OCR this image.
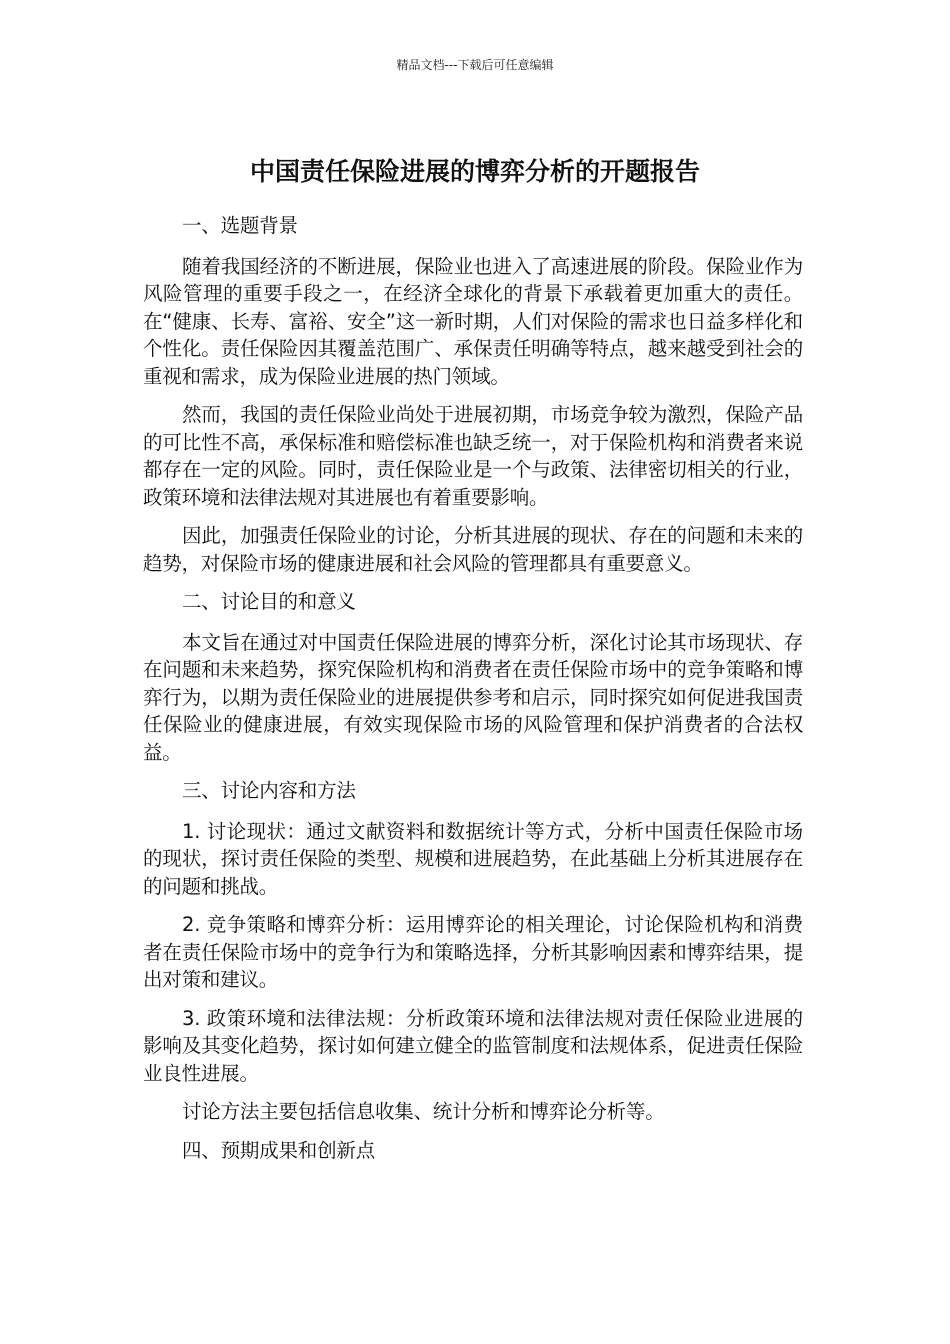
精品文档---下载后可任意编辑
中国责任保险进展的博弈分析的开题报告

一、选题背景

随着我国经济的不断进展，保险业也进入了高速进展的阶段。保险业作为风险管理的重要手段之一，在经济全球化的背景下承载着更加重大的责任。在“健康、长寿、富裕、安全”这一新时期，人们对保险的需求也日益多样化和个性化。责任保险因其覆盖范围广、承保责任明确等特点，越来越受到社会的重视和需求，成为保险业进展的热门领域。

然而，我国的责任保险业尚处于进展初期，市场竞争较为激烈，保险产品的可比性不高，承保标准和赔偿标准也缺乏统一，对于保险机构和消费者来说都存在一定的风险。同时，责任保险业是一个与政策、法律密切相关的行业，政策环境和法律法规对其进展也有着重要影响。

因此，加强责任保险业的讨论，分析其进展的现状、存在的问题和未来的趋势，对保险市场的健康进展和社会风险的管理都具有重要意义。

二、讨论目的和意义

本文旨在通过对中国责任保险进展的博弈分析，深化讨论其市场现状、存在问题和未来趋势，探究保险机构和消费者在责任保险市场中的竞争策略和博弈行为，以期为责任保险业的进展提供参考和启示，同时探究如何促进我国责任保险业的健康进展，有效实现保险市场的风险管理和保护消费者的合法权益。

三、讨论内容和方法

1. 讨论现状：通过文献资料和数据统计等方式，分析中国责任保险市场的现状，探讨责任保险的类型、规模和进展趋势，在此基础上分析其进展存在的问题和挑战。

2. 竞争策略和博弈分析：运用博弈论的相关理论，讨论保险机构和消费者在责任保险市场中的竞争行为和策略选择，分析其影响因素和博弈结果，提出对策和建议。

3. 政策环境和法律法规：分析政策环境和法律法规对责任保险业进展的影响及其变化趋势，探讨如何建立健全的监管制度和法规体系，促进责任保险业良性进展。

讨论方法主要包括信息收集、统计分析和博弈论分析等。

四、预期成果和创新点
